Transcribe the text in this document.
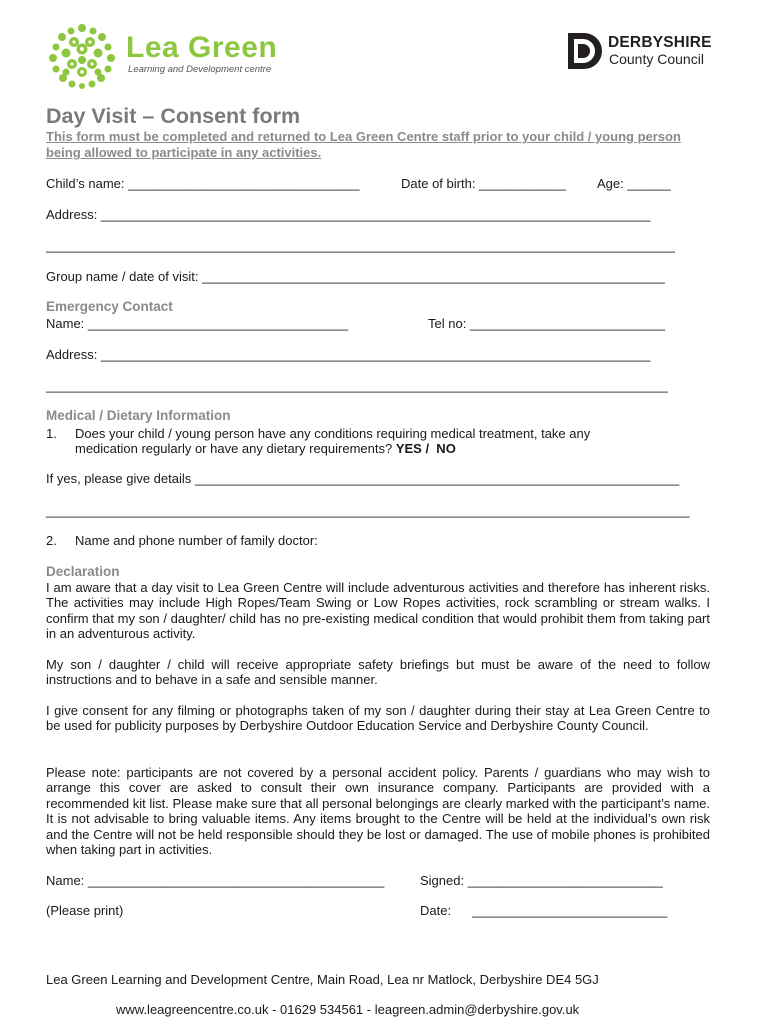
Lea Green
Learning and Development centre
DERBYSHIRE
County Council
Day Visit – Consent form
This form must be completed and returned to Lea Green Centre staff prior to your child / young person being allowed to participate in any activities.
Child’s name: ________________________________	Date of birth: ____________ Age: ______
Address: ____________________________________________________________________________
_______________________________________________________________________________________
Group name / date of visit: ________________________________________________________________
Emergency Contact
Name: ____________________________________	Tel no: ___________________________
Address: ____________________________________________________________________________
______________________________________________________________________________________
Medical / Dietary Information
1. Does your child / young person have any conditions requiring medical treatment, take any
medication regularly or have any dietary requirements? YES /  NO
If yes, please give details ___________________________________________________________________
_________________________________________________________________________________________
2. Name and phone number of family doctor:
Declaration
I am aware that a day visit to Lea Green Centre will include adventurous activities and therefore has inherent risks. The activities may include High Ropes/Team Swing or Low Ropes activities, rock scrambling or stream walks. I confirm that my son / daughter/ child has no pre-existing medical condition that would prohibit them from taking part in an adventurous activity.
My son / daughter / child will receive appropriate safety briefings but must be aware of the need to follow instructions and to behave in a safe and sensible manner.
I give consent for any filming or photographs taken of my son / daughter during their stay at Lea Green Centre to be used for publicity purposes by Derbyshire Outdoor Education Service and Derbyshire County Council.
Please note: participants are not covered by a personal accident policy. Parents / guardians who may wish to arrange this cover are asked to consult their own insurance company. Participants are provided with a recommended kit list. Please make sure that all personal belongings are clearly marked with the participant’s name. It is not advisable to bring valuable items. Any items brought to the Centre will be held at the individual’s own risk and the Centre will not be held responsible should they be lost or damaged. The use of mobile phones is prohibited when taking part in activities.
Name: _________________________________________	Signed: ___________________________
(Please print)	Date: ___________________________
Lea Green Learning and Development Centre, Main Road, Lea nr Matlock, Derbyshire DE4 5GJ
www.leagreencentre.co.uk - 01629 534561 - leagreen.admin@derbyshire.gov.uk
